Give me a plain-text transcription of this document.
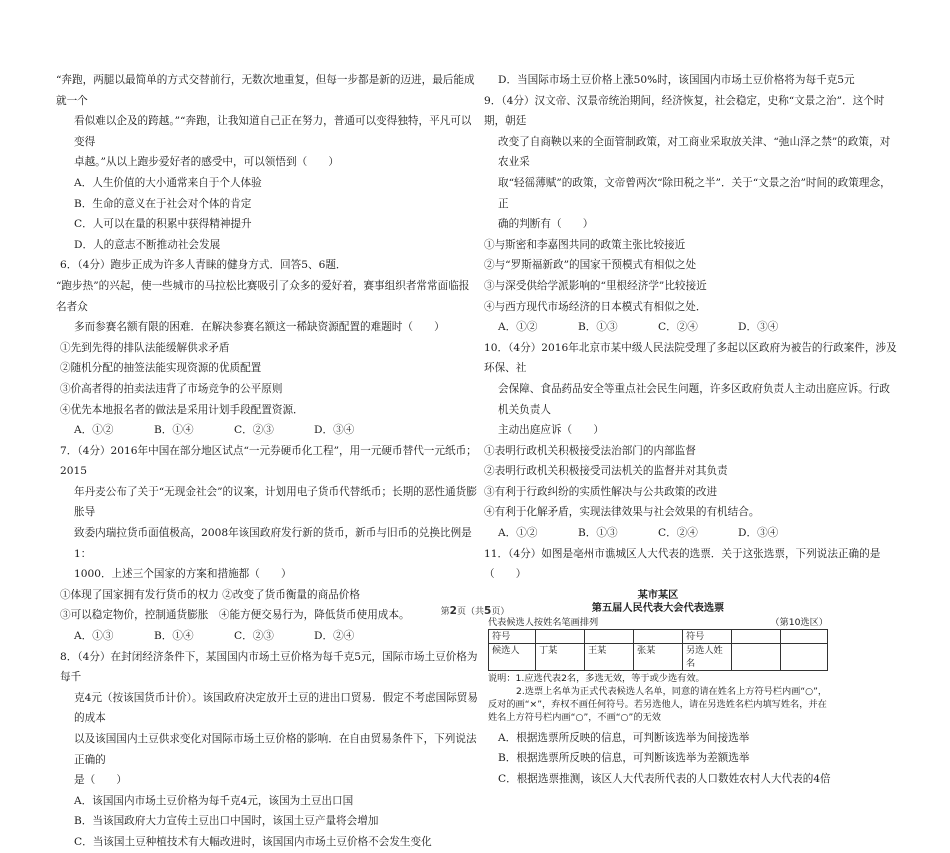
“奔跑，两腿以最简单的方式交替前行，无数次地重复，但每一步都是新的迈进，最后能成就一个

看似难以企及的跨越。”“奔跑，让我知道自己正在努力，普通可以变得独特，平凡可以变得

卓越。”从以上跑步爱好者的感受中，可以领悟到（　　）

A．人生价值的大小通常来自于个人体验

B．生命的意义在于社会对个体的肯定

C．人可以在量的积累中获得精神提升

D．人的意志不断推动社会发展

6．（4分）跑步正成为许多人青睐的健身方式．回答5、6题．

“跑步热”的兴起，使一些城市的马拉松比赛吸引了众多的爱好着，赛事组织者常常面临报名者众

多而参赛名额有限的困难．在解决参赛名额这一稀缺资源配置的难题时（　　）

①先到先得的排队法能缓解供求矛盾

②随机分配的抽签法能实现资源的优质配置

③价高者得的拍卖法违背了市场竞争的公平原则

④优先本地报名者的做法是采用计划手段配置资源．

A．①②	B．①④	C．②③	D．③④

7．（4分）2016年中国在部分地区试点“一元券硬币化工程”，用一元硬币替代一元纸币；2015

年丹麦公布了关于“无现金社会”的议案，计划用电子货币代替纸币；长期的恶性通货膨胀导

致委内瑞拉货币面值极高，2008年该国政府发行新的货币，新币与旧币的兑换比例是1：

1000．上述三个国家的方案和措施都（　　）

①体现了国家拥有发行货币的权力 ②改变了货币衡量的商品价格

③可以稳定物价，控制通货膨胀　④能方便交易行为，降低货币使用成本。

A．①③	B．①④	C．②③	D．②④

8．（4分）在封闭经济条件下，某国国内市场土豆价格为每千克5元，国际市场土豆价格为每千

克4元（按该国货币计价）。该国政府决定放开土豆的进出口贸易．假定不考虑国际贸易的成本

以及该国国内土豆供求变化对国际市场土豆价格的影响．在自由贸易条件下，下列说法正确的

是（　　）

A．该国国内市场土豆价格为每千克4元，该国为土豆出口国

B．当该国政府大力宣传土豆出口中国时，该国土豆产量将会增加

C．当该国土豆种植技术有大幅改进时，该国国内市场土豆价格不会发生变化

D．当国际市场土豆价格上涨50%时，该国国内市场土豆价格将为每千克5元

9．（4分）汉文帝、汉景帝统治期间，经济恢复，社会稳定，史称“文景之治”．这个时期，朝廷

改变了自商鞅以来的全面管制政策，对工商业采取放关津、“弛山泽之禁”的政策，对农业采

取“轻徭薄赋”的政策，文帝曾两次“除田税之半”．关于“文景之治”时间的政策理念，正

确的判断有（　　）

①与斯密和李嘉图共同的政策主张比较接近

②与“罗斯福新政”的国家干预模式有相似之处

③与深受供给学派影响的“里根经济学”比较接近

④与西方现代市场经济的日本模式有相似之处．

A．①②	B．①③	C．②④	D．③④

10．（4分）2016年北京市某中级人民法院受理了多起以区政府为被告的行政案件，涉及环保、社

会保障、食品药品安全等重点社会民生问题，许多区政府负责人主动出庭应诉。行政机关负责人

主动出庭应诉（　　）

①表明行政机关积极接受法治部门的内部监督

②表明行政机关积极接受司法机关的监督并对其负责

③有利于行政纠纷的实质性解决与公共政策的改进

④有利于化解矛盾，实现法律效果与社会效果的有机结合。

A．①②	B．①③	C．②④	D．③④

11．（4分）如图是亳州市谯城区人大代表的选票．关于这张选票，下列说法正确的是（　　）

某市某区
第五届人民代表大会代表选票
代表候选人按姓名笔画排列	（第10选区）
符号				符号		
候选人	丁某	王某	张某	另选人姓名		
说明：1.应选代表2名，多选无效，等于或少选有效。
2.选票上名单为正式代表候选人名单，同意的请在姓名上方符号栏内画“○”，反对的画“×”，弃权不画任何符号。若另选他人，请在另选姓名栏内填写姓名，并在姓名上方符号栏内画“○”，不画“○”的无效

A．根据选票所反映的信息，可判断该选举为间接选举

B．根据选票所反映的信息，可判断该选举为差额选举

C．根据选票推测，该区人大代表所代表的人口数姓农村人大代表的4倍

第2页（共5页）
